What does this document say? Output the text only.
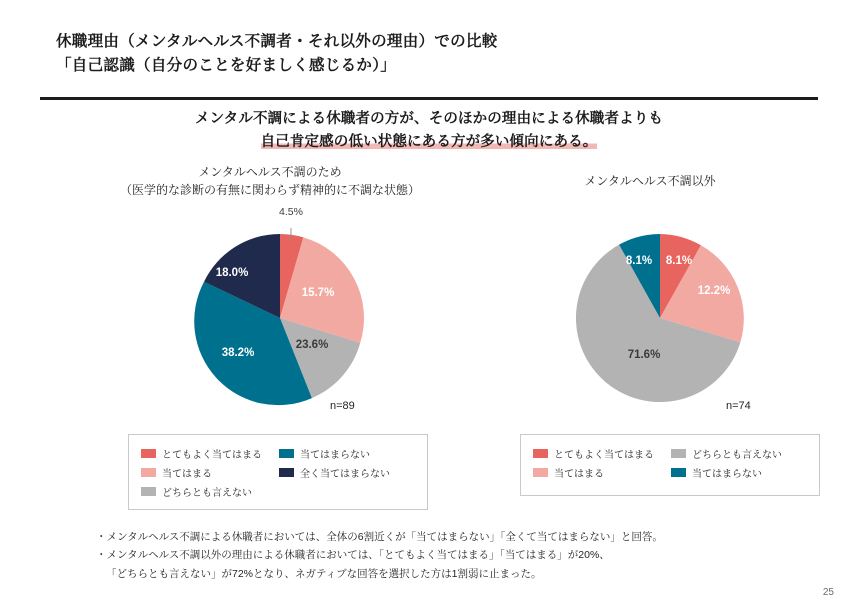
休職理由（メンタルヘルス不調者・それ以外の理由）での比較
「自己認識（自分のことを好ましく感じるか）」
メンタル不調による休職者の方が、そのほかの理由による休職者よりも
自己肯定感の低い状態にある方が多い傾向にある。
メンタルヘルス不調のため
（医学的な診断の有無に関わらず精神的に不調な状態）
15.7%
23.6%
38.2%
18.0%
4.5%
n=89
とてもよく当てはまる	当てはまらない
当てはまる	全く当てはまらない
どちらとも言えない
メンタルヘルス不調以外
8.1%
12.2%
71.6%
8.1%
n=74
とてもよく当てはまる	どちらとも言えない
当てはまる	当てはまらない
・メンタルヘルス不調による休職者においては、全体の6割近くが「当てはまらない」「全くて当てはまらない」と回答。
・メンタルヘルス不調以外の理由による休職者においては、「とてもよく当てはまる」「当てはまる」が20%、
「どちらとも言えない」が72%となり、ネガティブな回答を選択した方は1割弱に止まった。
25
